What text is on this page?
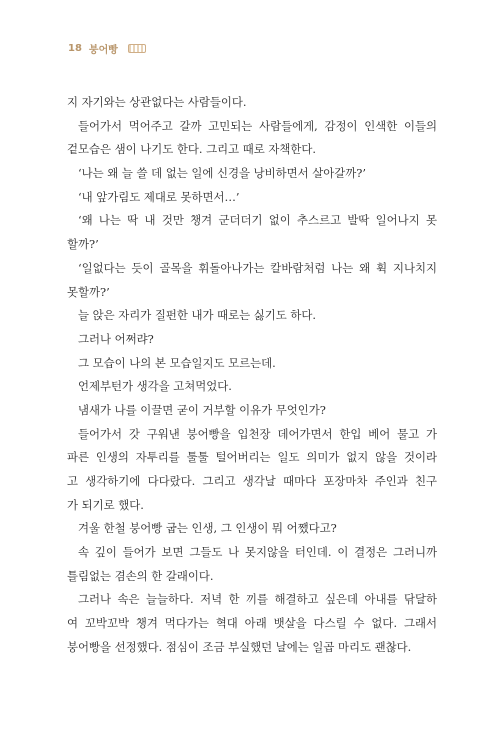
18 붕어빵
지 자기와는 상관없다는 사람들이다.
들어가서 먹어주고 갈까 고민되는 사람들에게, 감정이 인색한 이들의
겉모습은 샘이 나기도 한다. 그리고 때로 자책한다.
‘나는 왜 늘 쓸 데 없는 일에 신경을 낭비하면서 살아갈까?’
‘내 앞가림도 제대로 못하면서…’
‘왜 나는 딱 내 것만 챙겨 군더더기 없이 추스르고 발딱 일어나지 못
할까?’
‘일없다는 듯이 골목을 휘돌아나가는 칼바람처럼 나는 왜 휙 지나치지
못할까?’
늘 앉은 자리가 질펀한 내가 때로는 싫기도 하다.
그러나 어쩌랴?
그 모습이 나의 본 모습일지도 모르는데.
언제부턴가 생각을 고쳐먹었다.
냄새가 나를 이끌면 굳이 거부할 이유가 무엇인가?
들어가서 갓 구워낸 붕어빵을 입천장 데어가면서 한입 베어 물고 가
파른 인생의 자투리를 툴툴 털어버리는 일도 의미가 없지 않을 것이라
고 생각하기에 다다랐다. 그리고 생각날 때마다 포장마차 주인과 친구
가 되기로 했다.
겨울 한철 붕어빵 굽는 인생, 그 인생이 뭐 어쨌다고?
속 깊이 들어가 보면 그들도 나 못지않을 터인데. 이 결정은 그러니까
틀림없는 겸손의 한 갈래이다.
그러나 속은 늘늘하다. 저녁 한 끼를 해결하고 싶은데 아내를 닦달하
여 꼬박꼬박 챙겨 먹다가는 혁대 아래 뱃살을 다스릴 수 없다. 그래서
붕어빵을 선정했다. 점심이 조금 부실했던 날에는 일곱 마리도 괜찮다.
